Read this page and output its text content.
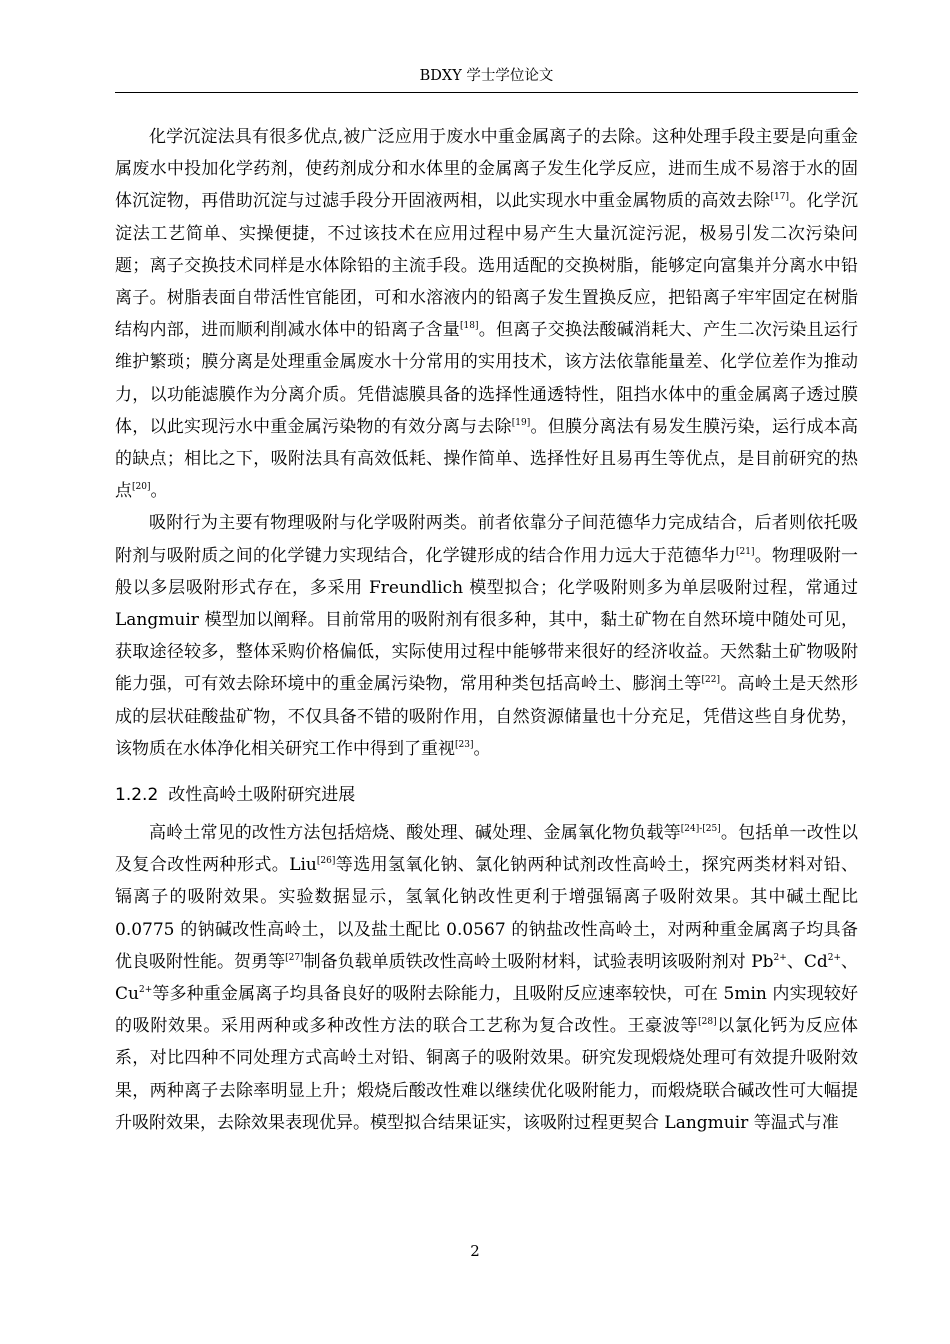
BDXY 学士学位论文

化学沉淀法具有很多优点,被广泛应用于废水中重金属离子的去除。这种处理手段主要是向重金属废水中投加化学药剂，使药剂成分和水体里的金属离子发生化学反应，进而生成不易溶于水的固体沉淀物，再借助沉淀与过滤手段分开固液两相，以此实现水中重金属物质的高效去除[17]。化学沉淀法工艺简单、实操便捷，不过该技术在应用过程中易产生大量沉淀污泥，极易引发二次污染问题；离子交换技术同样是水体除铅的主流手段。选用适配的交换树脂，能够定向富集并分离水中铅离子。树脂表面自带活性官能团，可和水溶液内的铅离子发生置换反应，把铅离子牢牢固定在树脂结构内部，进而顺利削减水体中的铅离子含量[18]。但离子交换法酸碱消耗大、产生二次污染且运行维护繁琐；膜分离是处理重金属废水十分常用的实用技术，该方法依靠能量差、化学位差作为推动力，以功能滤膜作为分离介质。凭借滤膜具备的选择性通透特性，阻挡水体中的重金属离子透过膜体，以此实现污水中重金属污染物的有效分离与去除[19]。但膜分离法有易发生膜污染，运行成本高的缺点；相比之下，吸附法具有高效低耗、操作简单、选择性好且易再生等优点，是目前研究的热点[20]。

吸附行为主要有物理吸附与化学吸附两类。前者依靠分子间范德华力完成结合，后者则依托吸附剂与吸附质之间的化学键力实现结合，化学键形成的结合作用力远大于范德华力[21]。物理吸附一般以多层吸附形式存在，多采用 Freundlich 模型拟合；化学吸附则多为单层吸附过程，常通过 Langmuir 模型加以阐释。目前常用的吸附剂有很多种，其中，黏土矿物在自然环境中随处可见，获取途径较多，整体采购价格偏低，实际使用过程中能够带来很好的经济收益。天然黏土矿物吸附能力强，可有效去除环境中的重金属污染物，常用种类包括高岭土、膨润土等[22]。高岭土是天然形成的层状硅酸盐矿物，不仅具备不错的吸附作用，自然资源储量也十分充足，凭借这些自身优势，该物质在水体净化相关研究工作中得到了重视[23]。

1.2.2 改性高岭土吸附研究进展

高岭土常见的改性方法包括焙烧、酸处理、碱处理、金属氧化物负载等[24]-[25]。包括单一改性以及复合改性两种形式。Liu[26]等选用氢氧化钠、氯化钠两种试剂改性高岭土，探究两类材料对铅、镉离子的吸附效果。实验数据显示，氢氧化钠改性更利于增强镉离子吸附效果。其中碱土配比 0.0775 的钠碱改性高岭土，以及盐土配比 0.0567 的钠盐改性高岭土，对两种重金属离子均具备优良吸附性能。贺勇等[27]制备负载单质铁改性高岭土吸附材料，试验表明该吸附剂对 $Pb^{2+}$、$Cd^{2+}$、$Cu^{2+}$等多种重金属离子均具备良好的吸附去除能力，且吸附反应速率较快，可在 5min 内实现较好的吸附效果。采用两种或多种改性方法的联合工艺称为复合改性。王豪波等[28]以氯化钙为反应体系，对比四种不同处理方式高岭土对铅、铜离子的吸附效果。研究发现煅烧处理可有效提升吸附效果，两种离子去除率明显上升；煅烧后酸改性难以继续优化吸附能力，而煅烧联合碱改性可大幅提升吸附效果，去除效果表现优异。模型拟合结果证实，该吸附过程更契合 Langmuir 等温式与准

2
